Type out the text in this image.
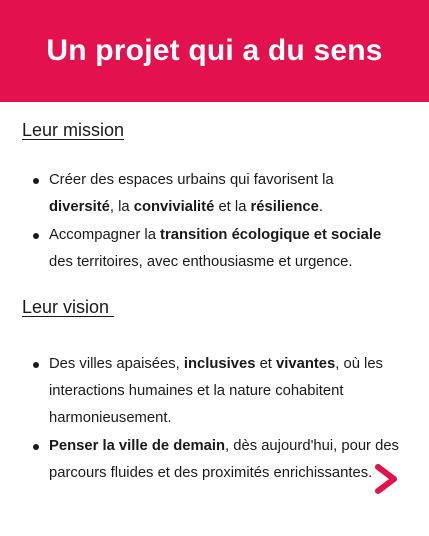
Un projet qui a du sens
Leur mission
Créer des espaces urbains qui favorisent la diversité, la convivialité et la résilience.
Accompagner la transition écologique et sociale des territoires, avec enthousiasme et urgence.
Leur vision
Des villes apaisées, inclusives et vivantes, où les interactions humaines et la nature cohabitent harmonieusement.
Penser la ville de demain, dès aujourd'hui, pour des parcours fluides et des proximités enrichissantes.
